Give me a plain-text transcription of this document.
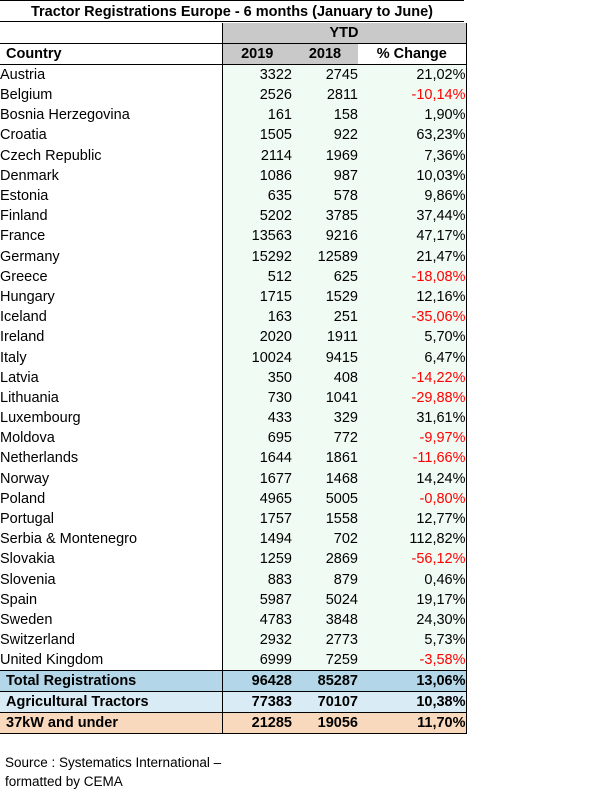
Tractor Registrations Europe - 6 months (January to June)
	YTD		
Country	2019	2018	% Change
Austria	3322	2745	21,02%
Belgium	2526	2811	-10,14%
Bosnia Herzegovina	161	158	1,90%
Croatia	1505	922	63,23%
Czech Republic	2114	1969	7,36%
Denmark	1086	987	10,03%
Estonia	635	578	9,86%
Finland	5202	3785	37,44%
France	13563	9216	47,17%
Germany	15292	12589	21,47%
Greece	512	625	-18,08%
Hungary	1715	1529	12,16%
Iceland	163	251	-35,06%
Ireland	2020	1911	5,70%
Italy	10024	9415	6,47%
Latvia	350	408	-14,22%
Lithuania	730	1041	-29,88%
Luxembourg	433	329	31,61%
Moldova	695	772	-9,97%
Netherlands	1644	1861	-11,66%
Norway	1677	1468	14,24%
Poland	4965	5005	-0,80%
Portugal	1757	1558	12,77%
Serbia & Montenegro	1494	702	112,82%
Slovakia	1259	2869	-56,12%
Slovenia	883	879	0,46%
Spain	5987	5024	19,17%
Sweden	4783	3848	24,30%
Switzerland	2932	2773	5,73%
United Kingdom	6999	7259	-3,58%
Total Registrations	96428	85287	13,06%
Agricultural Tractors	77383	70107	10,38%
37kW and under	21285	19056	11,70%
Source : Systematics International –
formatted by CEMA
